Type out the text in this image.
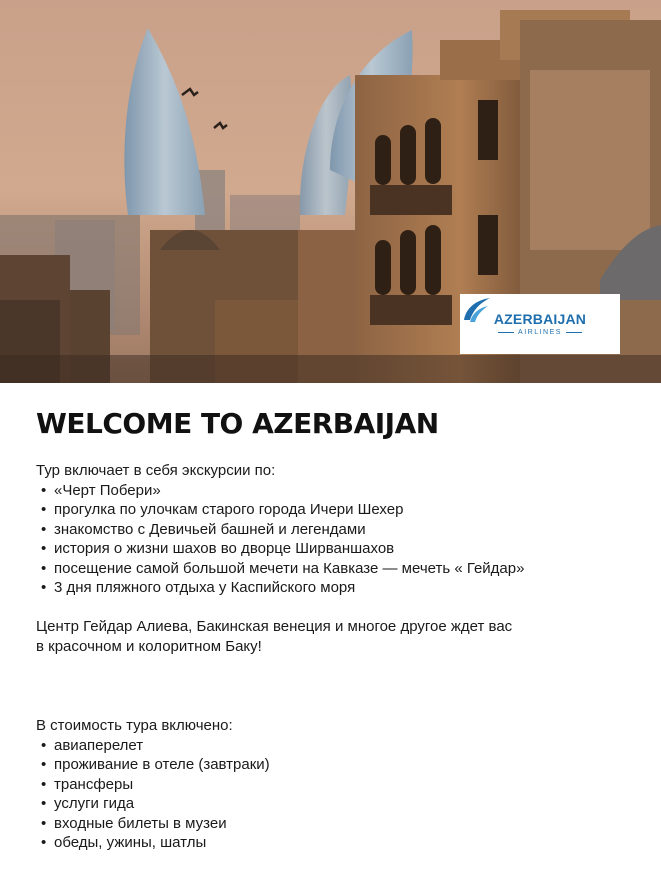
AZERBAIJAN
AIRLINES
WELCOME TO AZERBAIJAN

Тур включает в себя экскурсии по:

• «Черт Побери»
• прогулка по улочкам старого города Ичери Шехер
• знакомство с Девичьей башней и легендами
• история о жизни шахов во дворце Ширваншахов
• посещение самой большой мечети на Кавказе — мечеть « Гейдар»
• 3 дня пляжного отдыха у Каспийского моря

Центр Гейдар Алиева, Бакинская венеция и многое другое ждет вас

в красочном и колоритном Баку!

В стоимость тура включено:

• авиаперелет
• проживание в отеле (завтраки)
• трансферы
• услуги гида
• входные билеты в музеи
• обеды, ужины, шатлы
